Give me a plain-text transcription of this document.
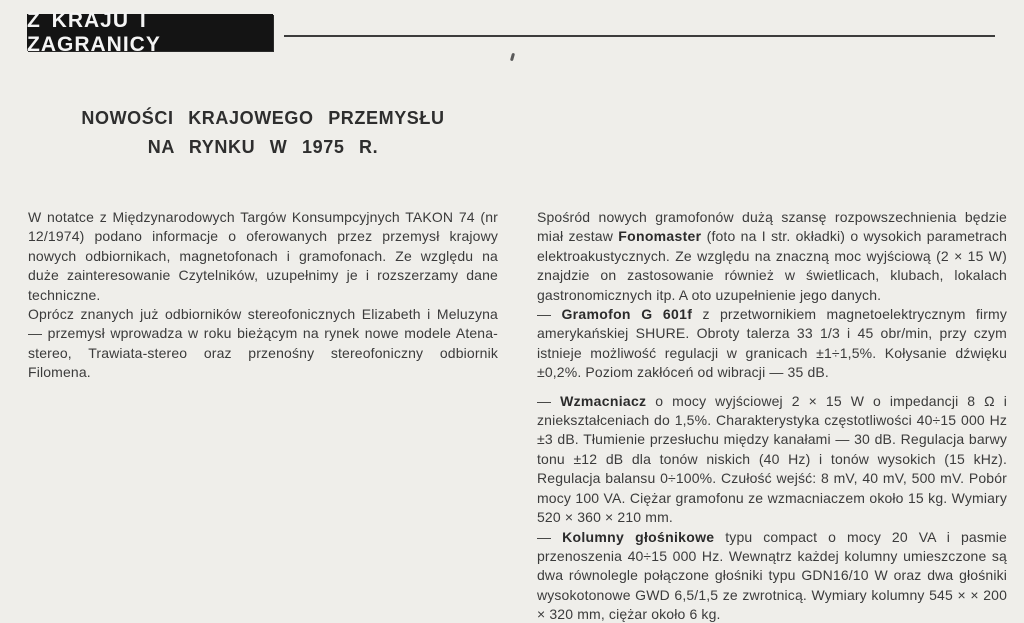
Z KRAJU I ZAGRANICY
NOWOŚCI KRAJOWEGO PRZEMYSŁU
NA RYNKU W 1975 R.

W notatce z Międzynarodowych Targów Konsumpcyjnych TAKON 74 (nr 12/1974) podano informacje o oferowanych przez przemysł krajowy nowych odbiornikach, magnetofonach i gramofonach. Ze względu na duże zainteresowanie Czytelników, uzupełnimy je i rozszerzamy dane techniczne.

Oprócz znanych już odbiorników stereofonicznych Elizabeth i Meluzyna — przemysł wprowadza w roku bieżącym na rynek nowe modele Atena-stereo, Trawiata-stereo oraz przenośny stereofoniczny odbiornik Filomena.

Spośród nowych gramofonów dużą szansę rozpowszechnienia będzie miał zestaw Fonomaster (foto na I str. okładki) o wysokich parametrach elektroakustycznych. Ze względu na znaczną moc wyjściową (2 × 15 W) znajdzie on zastosowanie również w świetlicach, klubach, lokalach gastronomicznych itp. A oto uzupełnienie jego danych.

— Gramofon G 601f z przetwornikiem magnetoelektrycznym firmy amerykańskiej SHURE. Obroty talerza 33 1/3 i 45 obr/min, przy czym istnieje możliwość regulacji w granicach ±1÷1,5%. Kołysanie dźwięku ±0,2%. Poziom zakłóceń od wibracji — 35 dB.

— Wzmacniacz o mocy wyjściowej 2 × 15 W o impedancji 8 Ω i zniekształceniach do 1,5%. Charakterystyka częstotliwości 40÷15 000 Hz ±3 dB. Tłumienie przesłuchu między kanałami — 30 dB. Regulacja barwy tonu ±12 dB dla tonów niskich (40 Hz) i tonów wysokich (15 kHz). Regulacja balansu 0÷100%. Czułość wejść: 8 mV, 40 mV, 500 mV. Pobór mocy 100 VA. Ciężar gramofonu ze wzmacniaczem około 15 kg. Wymiary 520 × 360 × 210 mm.

— Kolumny głośnikowe typu compact o mocy 20 VA i pasmie przenoszenia 40÷15 000 Hz. Wewnątrz każdej kolumny umieszczone są dwa równolegle połączone głośniki typu GDN16/10 W oraz dwa głośniki wysokotonowe GWD 6,5/1,5 ze zwrotnicą. Wymiary kolumny 545 × × 200 × 320 mm, ciężar około 6 kg.
